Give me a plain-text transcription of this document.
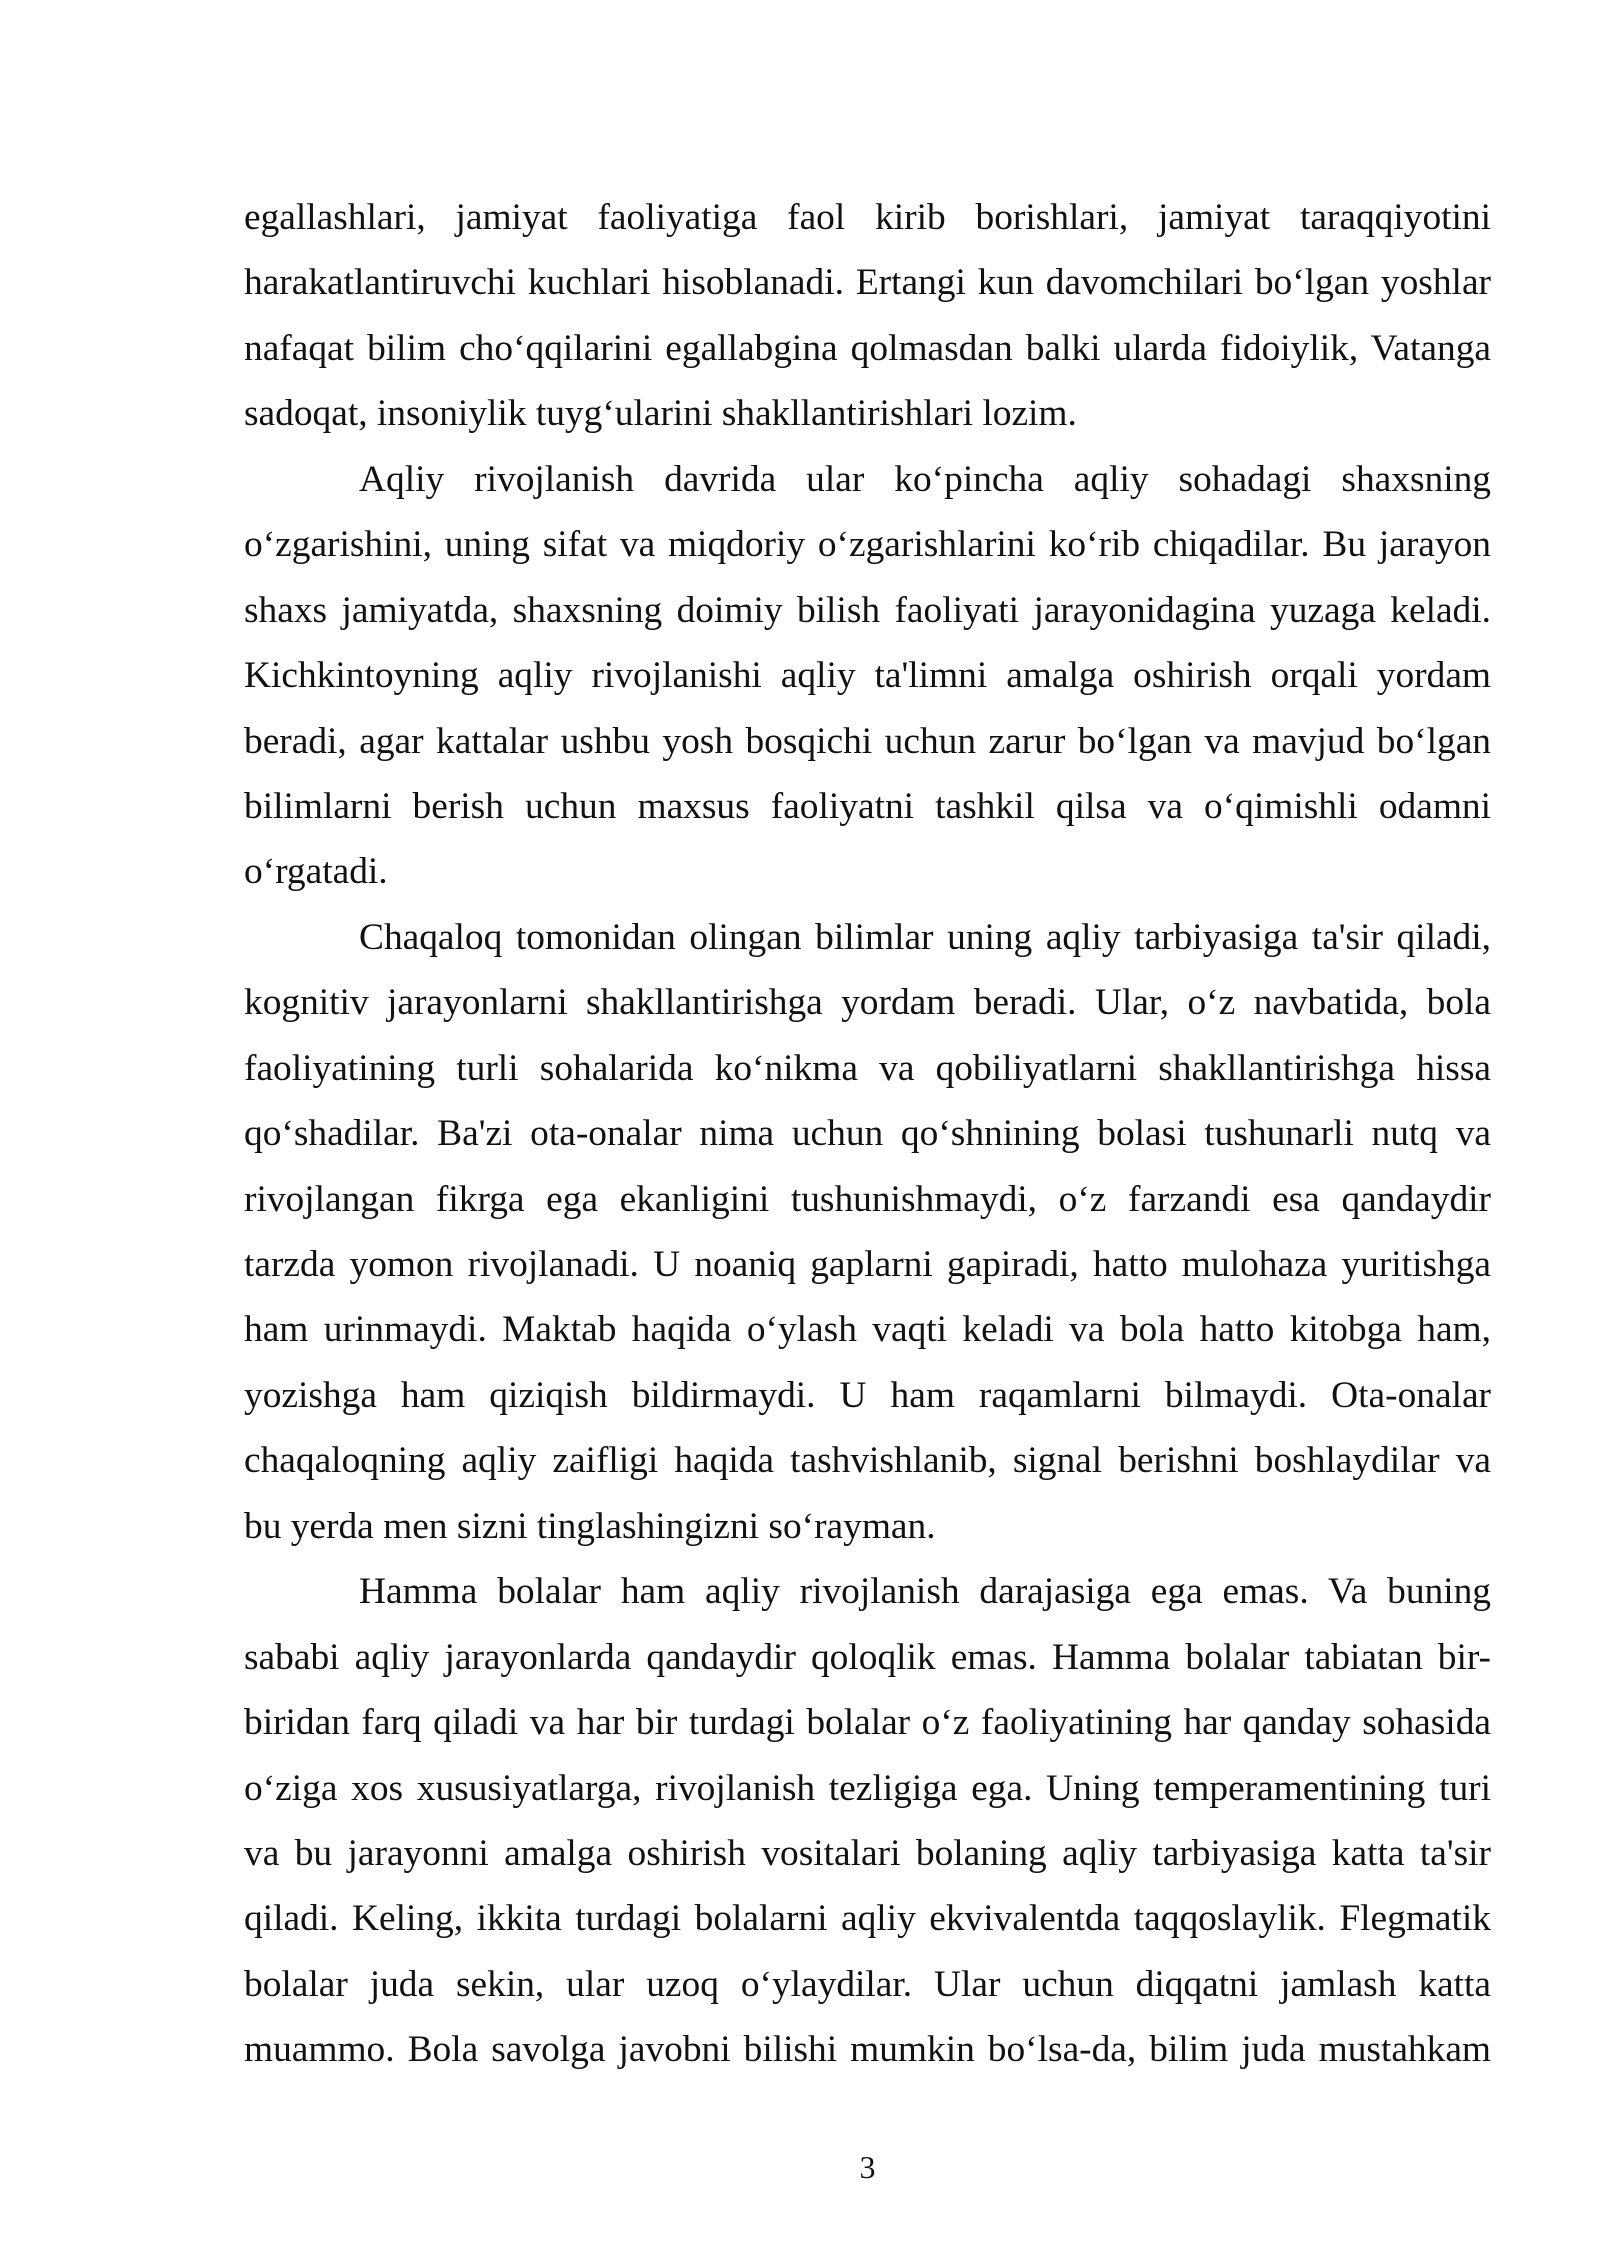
egallashlari, jamiyat faoliyatiga faol kirib borishlari, jamiyat taraqqiyotini
harakatlantiruvchi kuchlari hisoblanadi. Ertangi kun davomchilari bo‘lgan yoshlar
nafaqat bilim cho‘qqilarini egallabgina qolmasdan balki ularda fidoiylik, Vatanga
sadoqat, insoniylik tuyg‘ularini shakllantirishlari lozim.
Aqliy rivojlanish davrida ular ko‘pincha aqliy sohadagi shaxsning
o‘zgarishini, uning sifat va miqdoriy o‘zgarishlarini ko‘rib chiqadilar. Bu jarayon
shaxs jamiyatda, shaxsning doimiy bilish faoliyati jarayonidagina yuzaga keladi.
Kichkintoyning aqliy rivojlanishi aqliy ta'limni amalga oshirish orqali yordam
beradi, agar kattalar ushbu yosh bosqichi uchun zarur bo‘lgan va mavjud bo‘lgan
bilimlarni berish uchun maxsus faoliyatni tashkil qilsa va o‘qimishli odamni
o‘rgatadi.
Chaqaloq tomonidan olingan bilimlar uning aqliy tarbiyasiga ta'sir qiladi,
kognitiv jarayonlarni shakllantirishga yordam beradi. Ular, o‘z navbatida, bola
faoliyatining turli sohalarida ko‘nikma va qobiliyatlarni shakllantirishga hissa
qo‘shadilar. Ba'zi ota-onalar nima uchun qo‘shnining bolasi tushunarli nutq va
rivojlangan fikrga ega ekanligini tushunishmaydi, o‘z farzandi esa qandaydir
tarzda yomon rivojlanadi. U noaniq gaplarni gapiradi, hatto mulohaza yuritishga
ham urinmaydi. Maktab haqida o‘ylash vaqti keladi va bola hatto kitobga ham,
yozishga ham qiziqish bildirmaydi. U ham raqamlarni bilmaydi. Ota-onalar
chaqaloqning aqliy zaifligi haqida tashvishlanib, signal berishni boshlaydilar va
bu yerda men sizni tinglashingizni so‘rayman.
Hamma bolalar ham aqliy rivojlanish darajasiga ega emas. Va buning
sababi aqliy jarayonlarda qandaydir qoloqlik emas. Hamma bolalar tabiatan bir-
biridan farq qiladi va har bir turdagi bolalar o‘z faoliyatining har qanday sohasida
o‘ziga xos xususiyatlarga, rivojlanish tezligiga ega. Uning temperamentining turi
va bu jarayonni amalga oshirish vositalari bolaning aqliy tarbiyasiga katta ta'sir
qiladi. Keling, ikkita turdagi bolalarni aqliy ekvivalentda taqqoslaylik. Flegmatik
bolalar juda sekin, ular uzoq o‘ylaydilar. Ular uchun diqqatni jamlash katta
muammo. Bola savolga javobni bilishi mumkin bo‘lsa-da, bilim juda mustahkam
3
